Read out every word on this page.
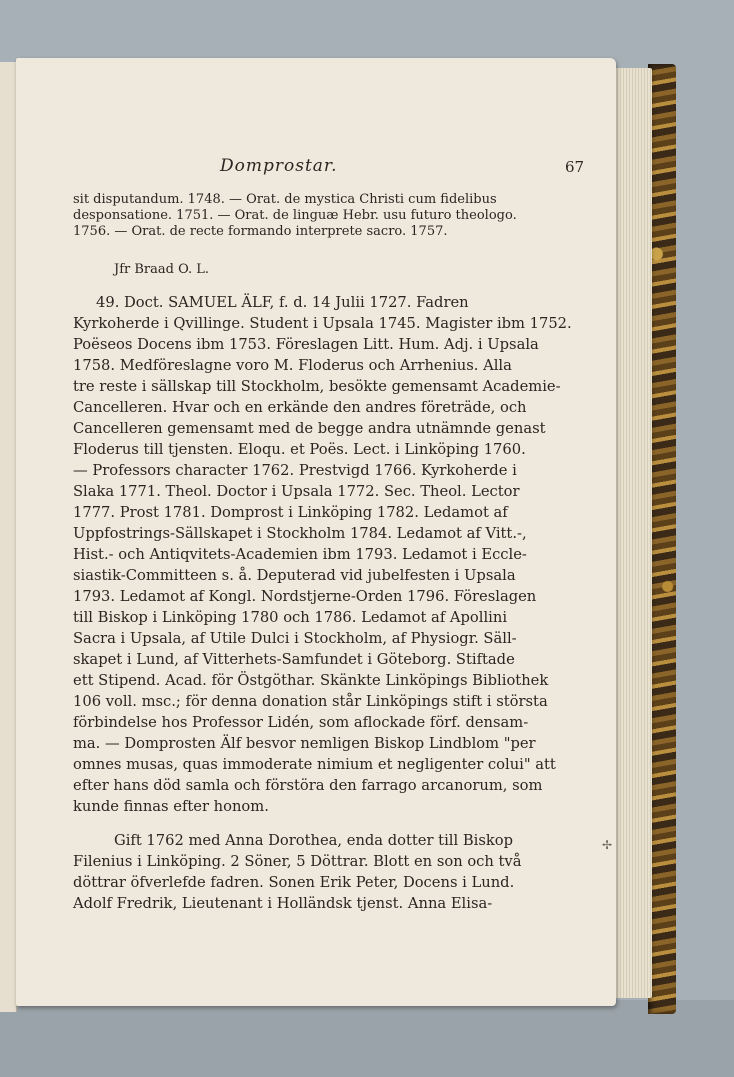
Domprostar.	67
sit disputandum. 1748. — Orat. de mystica Christi cum fidelibus
desponsatione. 1751. — Orat. de linguæ Hebr. usu futuro theologo.
1756. — Orat. de recte formando interprete sacro. 1757.
Jfr Braad O. L.
49. Doct. SAMUEL ÄLF, f. d. 14 Julii 1727. Fadren
Kyrkoherde i Qvillinge. Student i Upsala 1745. Magister ibm 1752.
Poëseos Docens ibm 1753. Föreslagen Litt. Hum. Adj. i Upsala
1758. Medföreslagne voro M. Floderus och Arrhenius. Alla
tre reste i sällskap till Stockholm, besökte gemensamt Academie-
Cancelleren. Hvar och en erkände den andres företräde, och
Cancelleren gemensamt med de begge andra utnämnde genast
Floderus till tjensten. Eloqu. et Poës. Lect. i Linköping 1760.
— Professors character 1762. Prestvigd 1766. Kyrkoherde i
Slaka 1771. Theol. Doctor i Upsala 1772. Sec. Theol. Lector
1777. Prost 1781. Domprost i Linköping 1782. Ledamot af
Uppfostrings-Sällskapet i Stockholm 1784. Ledamot af Vitt.-,
Hist.- och Antiqvitets-Academien ibm 1793. Ledamot i Eccle-
siastik-Committeen s. å. Deputerad vid jubelfesten i Upsala
1793. Ledamot af Kongl. Nordstjerne-Orden 1796. Föreslagen
till Biskop i Linköping 1780 och 1786. Ledamot af Apollini
Sacra i Upsala, af Utile Dulci i Stockholm, af Physiogr. Säll-
skapet i Lund, af Vitterhets-Samfundet i Göteborg. Stiftade
ett Stipend. Acad. för Östgöthar. Skänkte Linköpings Bibliothek
106 voll. msc.; för denna donation står Linköpings stift i största
förbindelse hos Professor Lidén, som aflockade förf. densam-
ma. — Domprosten Älf besvor nemligen Biskop Lindblom "per
omnes musas, quas immoderate nimium et negligenter colui" att
efter hans död samla och förstöra den farrago arcanorum, som
kunde finnas efter honom.
Gift 1762 med Anna Dorothea, enda dotter till Biskop
Filenius i Linköping. 2 Söner, 5 Döttrar. Blott en son och två
döttrar öfverlefde fadren. Sonen Erik Peter, Docens i Lund.
Adolf Fredrik, Lieutenant i Holländsk tjenst. Anna Elisa-
✢
